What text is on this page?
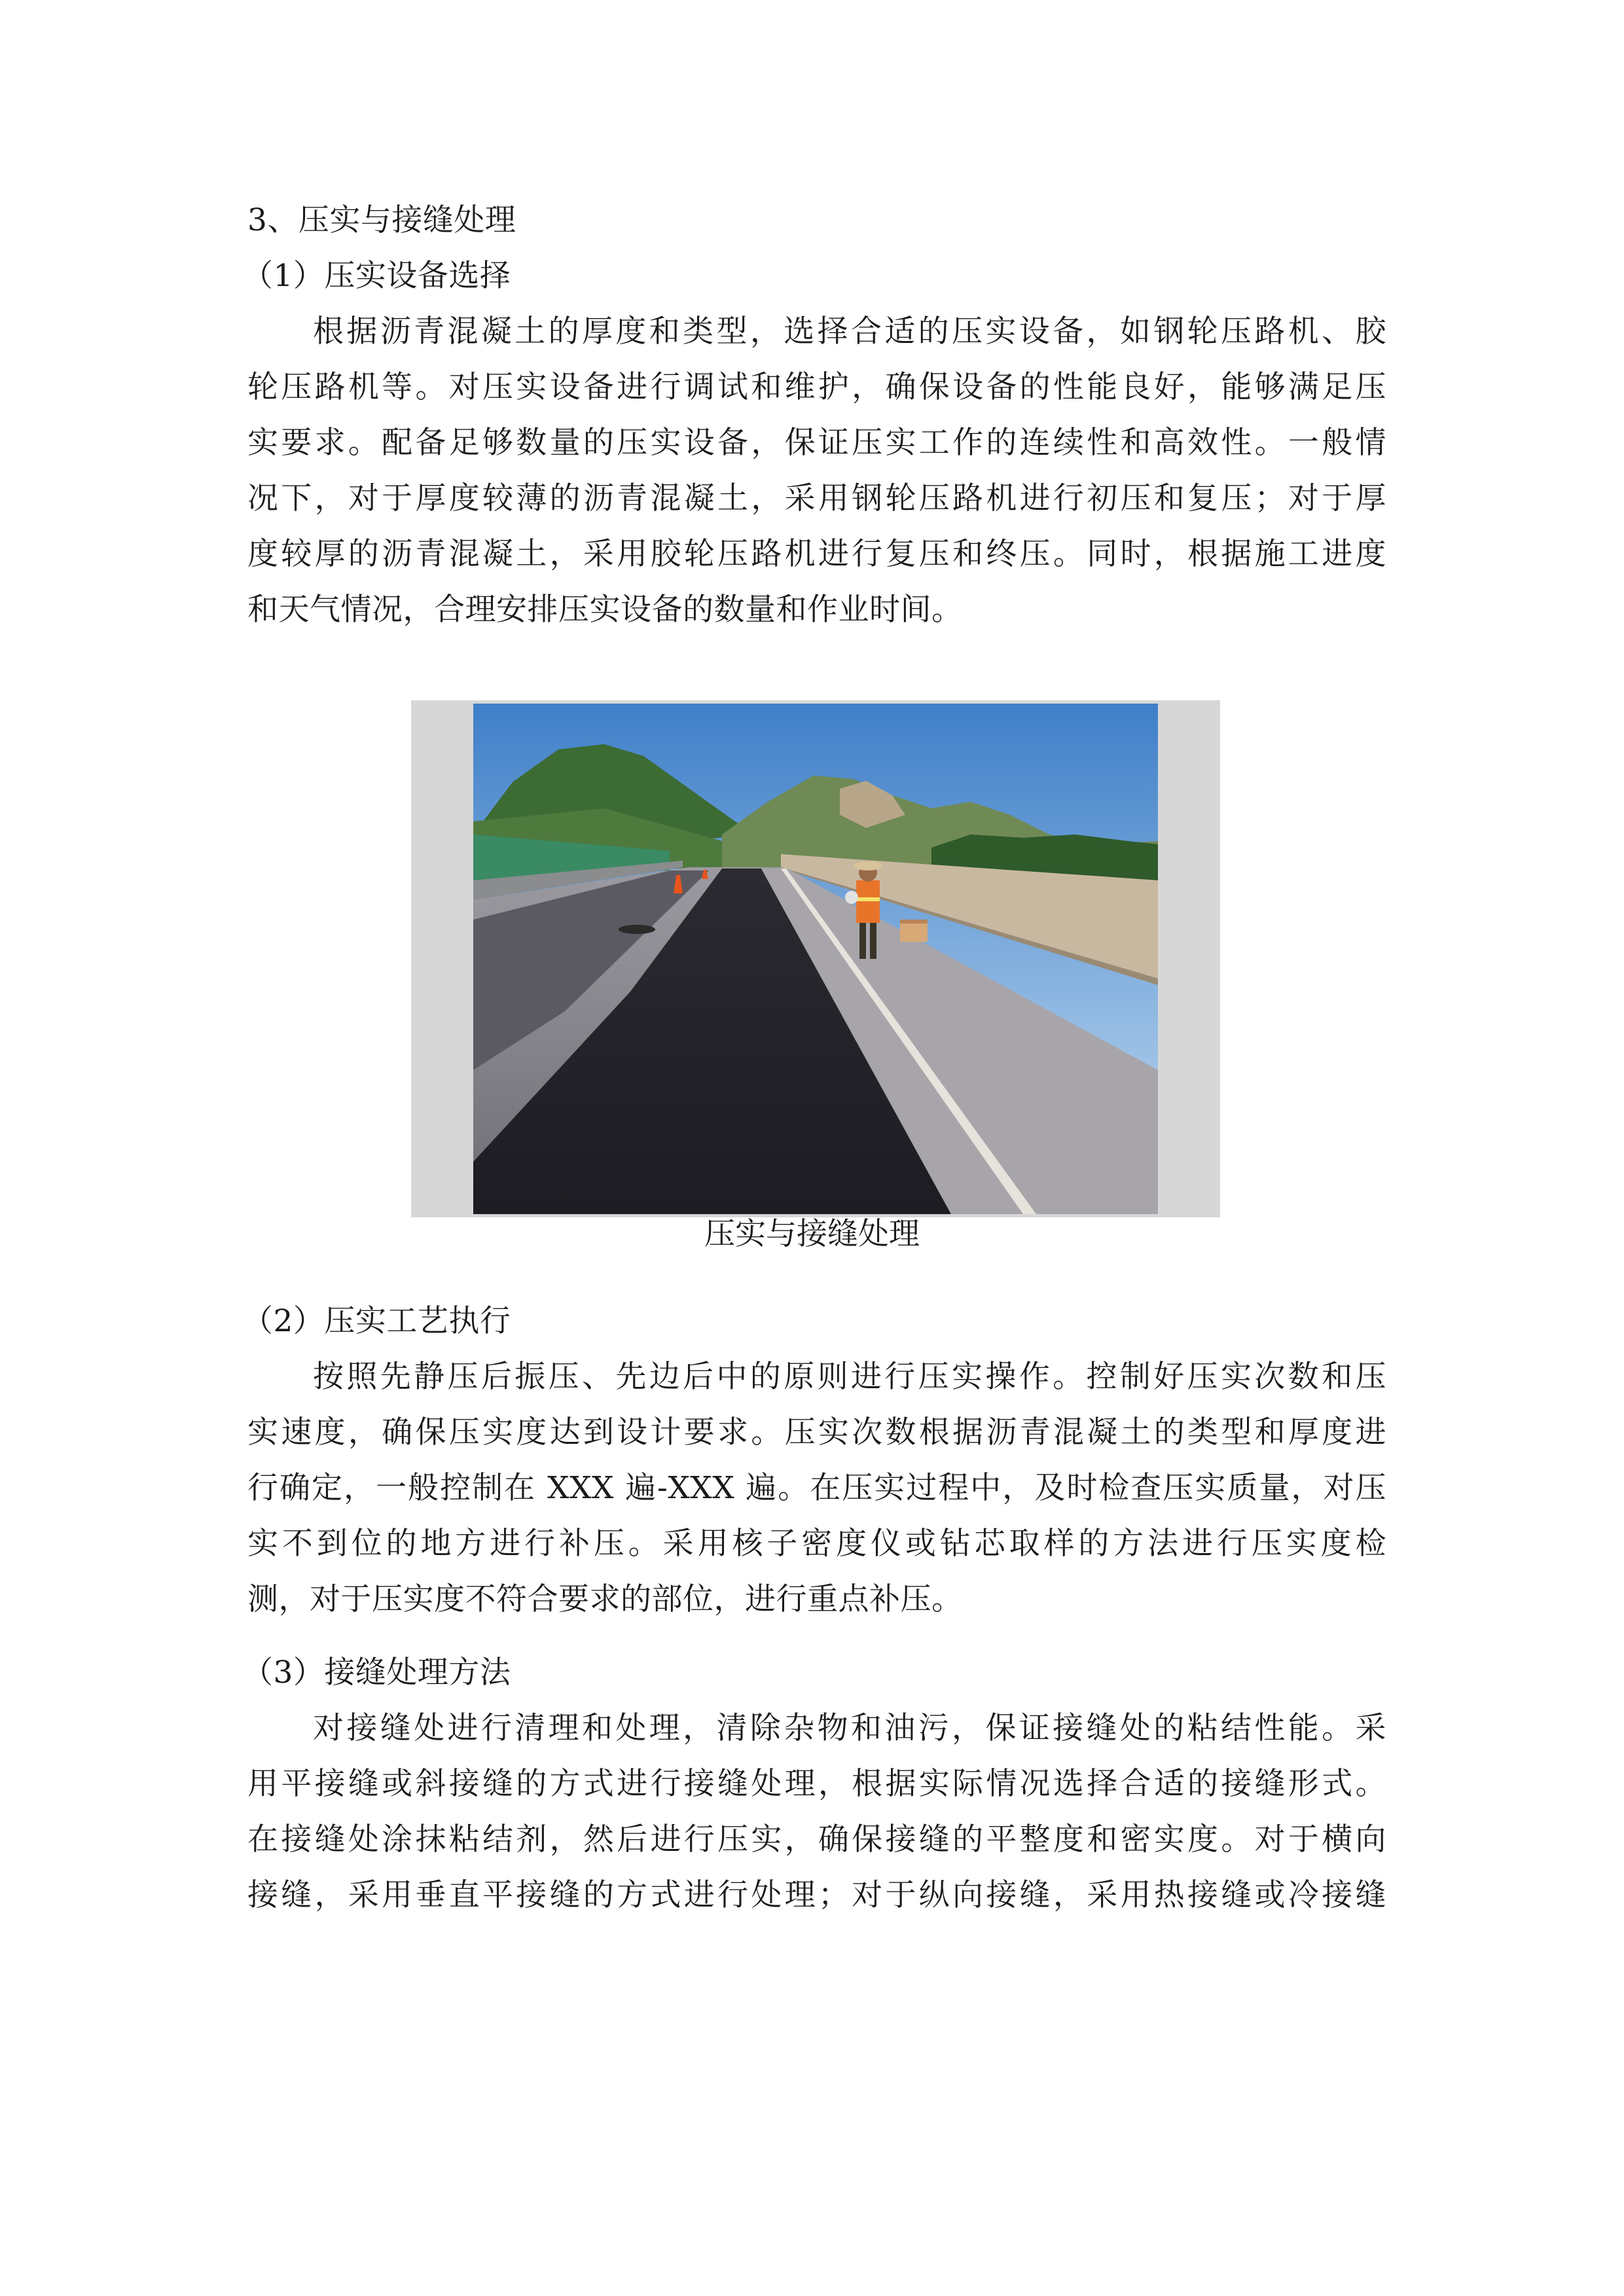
3、压实与接缝处理
（1）压实设备选择
根据沥青混凝土的厚度和类型，选择合适的压实设备，如钢轮压路机、胶
轮压路机等。对压实设备进行调试和维护，确保设备的性能良好，能够满足压
实要求。配备足够数量的压实设备，保证压实工作的连续性和高效性。一般情
况下，对于厚度较薄的沥青混凝土，采用钢轮压路机进行初压和复压；对于厚
度较厚的沥青混凝土，采用胶轮压路机进行复压和终压。同时，根据施工进度
和天气情况，合理安排压实设备的数量和作业时间。
压实与接缝处理
（2）压实工艺执行
按照先静压后振压、先边后中的原则进行压实操作。控制好压实次数和压
实速度，确保压实度达到设计要求。压实次数根据沥青混凝土的类型和厚度进
行确定，一般控制在 XXX 遍-XXX 遍。在压实过程中，及时检查压实质量，对压
实不到位的地方进行补压。采用核子密度仪或钻芯取样的方法进行压实度检
测，对于压实度不符合要求的部位，进行重点补压。
（3）接缝处理方法
对接缝处进行清理和处理，清除杂物和油污，保证接缝处的粘结性能。采
用平接缝或斜接缝的方式进行接缝处理，根据实际情况选择合适的接缝形式。
在接缝处涂抹粘结剂，然后进行压实，确保接缝的平整度和密实度。对于横向
接缝，采用垂直平接缝的方式进行处理；对于纵向接缝，采用热接缝或冷接缝
